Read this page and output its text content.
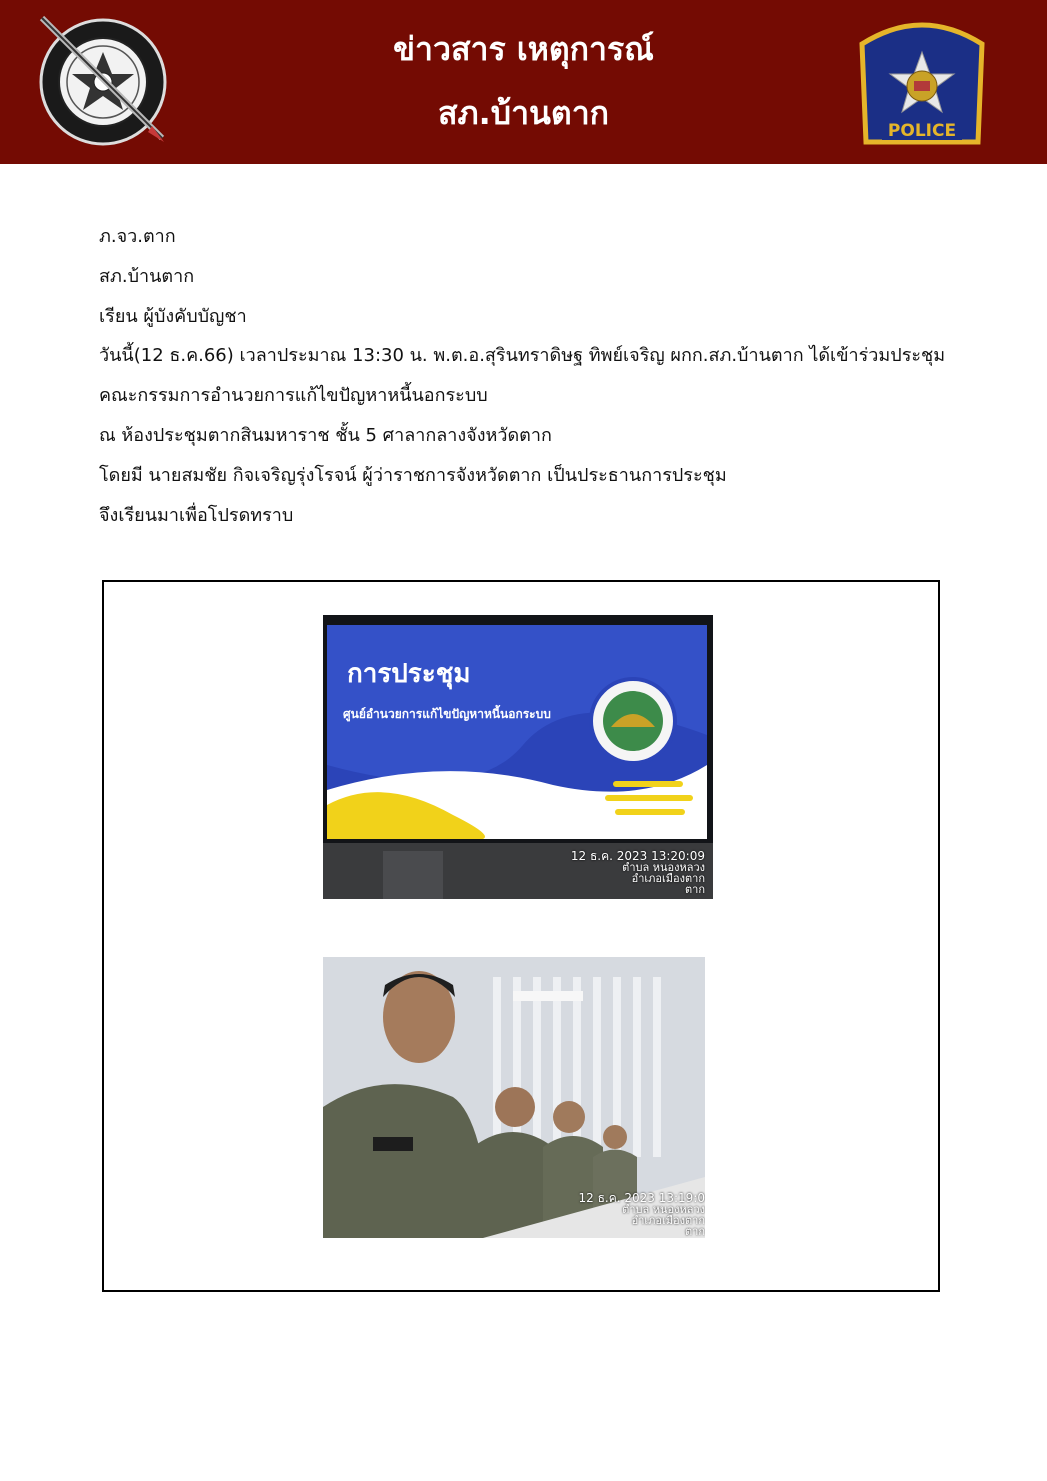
ข่าวสาร เหตุการณ์
สภ.บ้านตาก	POLICE
ภ.จว.ตาก
สภ.บ้านตาก
เรียน ผู้บังคับบัญชา
วันนี้(12 ธ.ค.66) เวลาประมาณ 13:30 น. พ.ต.อ.สุรินทราดิษฐ ทิพย์เจริญ ผกก.สภ.บ้านตาก ได้เข้าร่วมประชุม
คณะกรรมการอำนวยการแก้ไขปัญหาหนี้นอกระบบ
ณ ห้องประชุมตากสินมหาราช ชั้น 5 ศาลากลางจังหวัดตาก
โดยมี นายสมชัย กิจเจริญรุ่งโรจน์ ผู้ว่าราชการจังหวัดตาก เป็นประธานการประชุม
จึงเรียนมาเพื่อโปรดทราบ
การประชุม
ศูนย์อำนวยการแก้ไขปัญหาหนี้นอกระบบ
12 ธ.ค. 2023 13:20:09
ตำบล หนองหลวง
อำเภอเมืองตาก
ตาก
12 ธ.ค. 2023 13:19:0
ตำบล หนองหลวง
อำเภอเมืองตาก
ตาก
